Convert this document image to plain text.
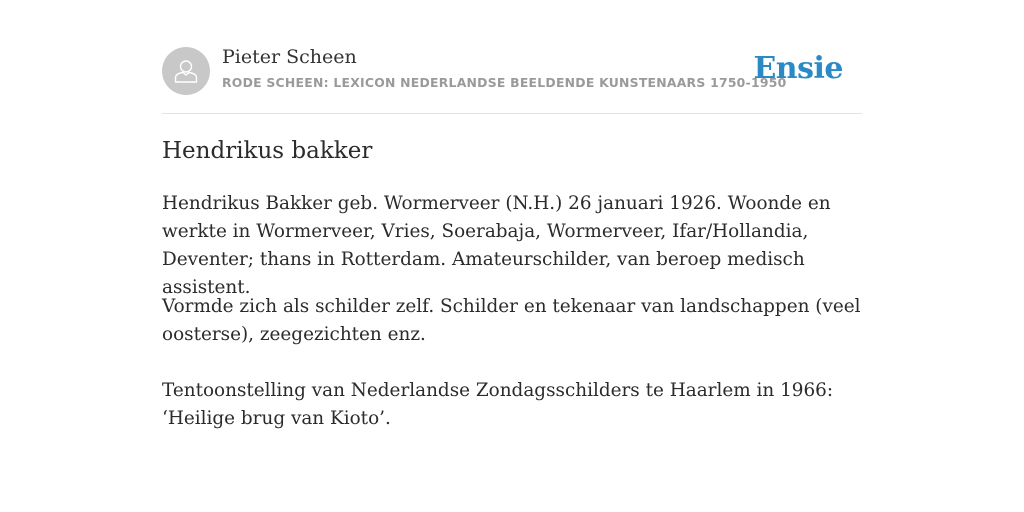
Pieter Scheen
RODE SCHEEN: LEXICON NEDERLANDSE BEELDENDE KUNSTENAARS 1750-1950
Ensie
Hendrikus bakker

Hendrikus Bakker geb. Wormerveer (N.H.) 26 januari 1926. Woonde en werkte in Wormerveer, Vries, Soerabaja, Wormerveer, Ifar/Hollandia, Deventer; thans in Rotterdam. Amateurschilder, van beroep medisch assistent.

Vormde zich als schilder zelf. Schilder en tekenaar van landschappen (veel oosterse), zeegezichten enz.

Tentoonstelling van Nederlandse Zondagsschilders te Haarlem in 1966: ‘Heilige brug van Kioto’.
